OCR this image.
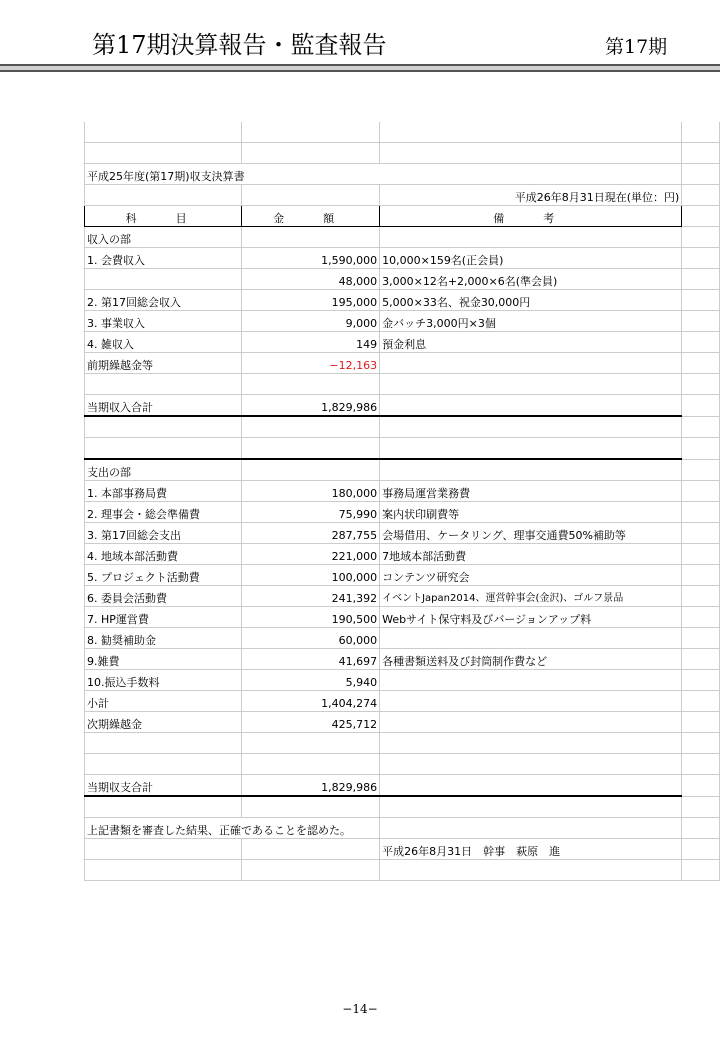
第17期決算報告・監査報告	第17期

平成25年度(第17期)収支決算書			
		平成26年8月31日現在(単位：円)	
科　目	金　額	備　考	
収入の部			
1. 会費収入	1,590,000	10,000×159名(正会員)	
	48,000	3,000×12名+2,000×6名(準会員)	
2. 第17回総会収入	195,000	5,000×33名、祝金30,000円	
3. 事業収入	9,000	金バッチ3,000円×3個	
4. 雑収入	149	預金利息	
前期繰越金等	−12,163		

当期収入合計	1,829,986		

支出の部			
1. 本部事務局費	180,000	事務局運営業務費	
2. 理事会・総会準備費	75,990	案内状印刷費等	
3. 第17回総会支出	287,755	会場借用、ケータリング、理事交通費50%補助等	
4. 地域本部活動費	221,000	7地域本部活動費	
5. プロジェクト活動費	100,000	コンテンツ研究会	
6. 委員会活動費	241,392	イベントJapan2014、運営幹事会(金沢)、ゴルフ景品	
7. HP運営費	190,500	Webサイト保守料及びバージョンアップ料	
8. 勧奨補助金	60,000		
9.雑費	41,697	各種書類送料及び封筒制作費など	
10.振込手数料	5,940		
小計	1,404,274		
次期繰越金	425,712		

当期収支合計	1,829,986		

上記書類を審査した結果、正確であることを認めた。			
		平成26年8月31日　幹事　萩原　進	

−14−
